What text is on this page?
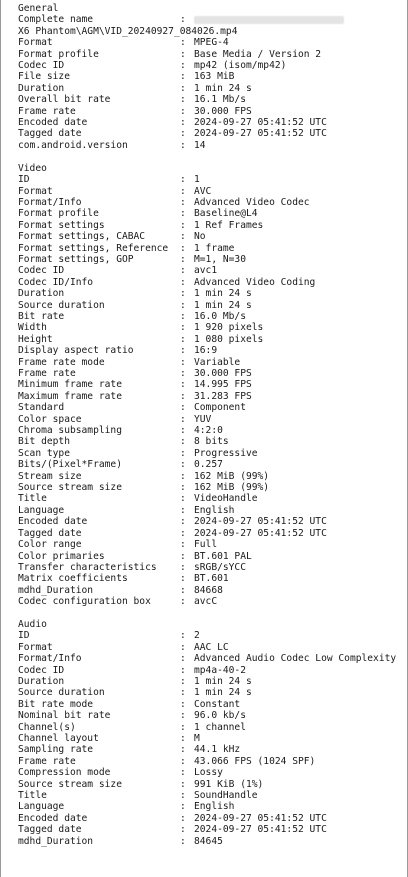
General
Complete name	:
X6 Phantom\AGM\VID_20240927_084026.mp4
Format	: MPEG-4
Format profile	: Base Media / Version 2
Codec ID	: mp42 (isom/mp42)
File size	: 163 MiB
Duration	: 1 min 24 s
Overall bit rate	: 16.1 Mb/s
Frame rate	: 30.000 FPS
Encoded date	: 2024-09-27 05:41:52 UTC
Tagged date	: 2024-09-27 05:41:52 UTC
com.android.version	: 14
Video
ID	: 1
Format	: AVC
Format/Info	: Advanced Video Codec
Format profile	: Baseline@L4
Format settings	: 1 Ref Frames
Format settings, CABAC	: No
Format settings, Reference : 1 frame
Format settings, GOP	: M=1, N=30
Codec ID	: avc1
Codec ID/Info	: Advanced Video Coding
Duration	: 1 min 24 s
Source duration	: 1 min 24 s
Bit rate	: 16.0 Mb/s
Width	: 1 920 pixels
Height	: 1 080 pixels
Display aspect ratio	: 16:9
Frame rate mode	: Variable
Frame rate	: 30.000 FPS
Minimum frame rate	: 14.995 FPS
Maximum frame rate	: 31.283 FPS
Standard	: Component
Color space	: YUV
Chroma subsampling	: 4:2:0
Bit depth	: 8 bits
Scan type	: Progressive
Bits/(Pixel*Frame)	: 0.257
Stream size	: 162 MiB (99%)
Source stream size	: 162 MiB (99%)
Title	: VideoHandle
Language	: English
Encoded date	: 2024-09-27 05:41:52 UTC
Tagged date	: 2024-09-27 05:41:52 UTC
Color range	: Full
Color primaries	: BT.601 PAL
Transfer characteristics : sRGB/sYCC
Matrix coefficients	: BT.601
mdhd_Duration	: 84668
Codec configuration box	: avcC
Audio
ID	: 2
Format	: AAC LC
Format/Info	: Advanced Audio Codec Low Complexity
Codec ID	: mp4a-40-2
Duration	: 1 min 24 s
Source duration	: 1 min 24 s
Bit rate mode	: Constant
Nominal bit rate	: 96.0 kb/s
Channel(s)	: 1 channel
Channel layout	: M
Sampling rate	: 44.1 kHz
Frame rate	: 43.066 FPS (1024 SPF)
Compression mode	: Lossy
Source stream size	: 991 KiB (1%)
Title	: SoundHandle
Language	: English
Encoded date	: 2024-09-27 05:41:52 UTC
Tagged date	: 2024-09-27 05:41:52 UTC
mdhd_Duration	: 84645
